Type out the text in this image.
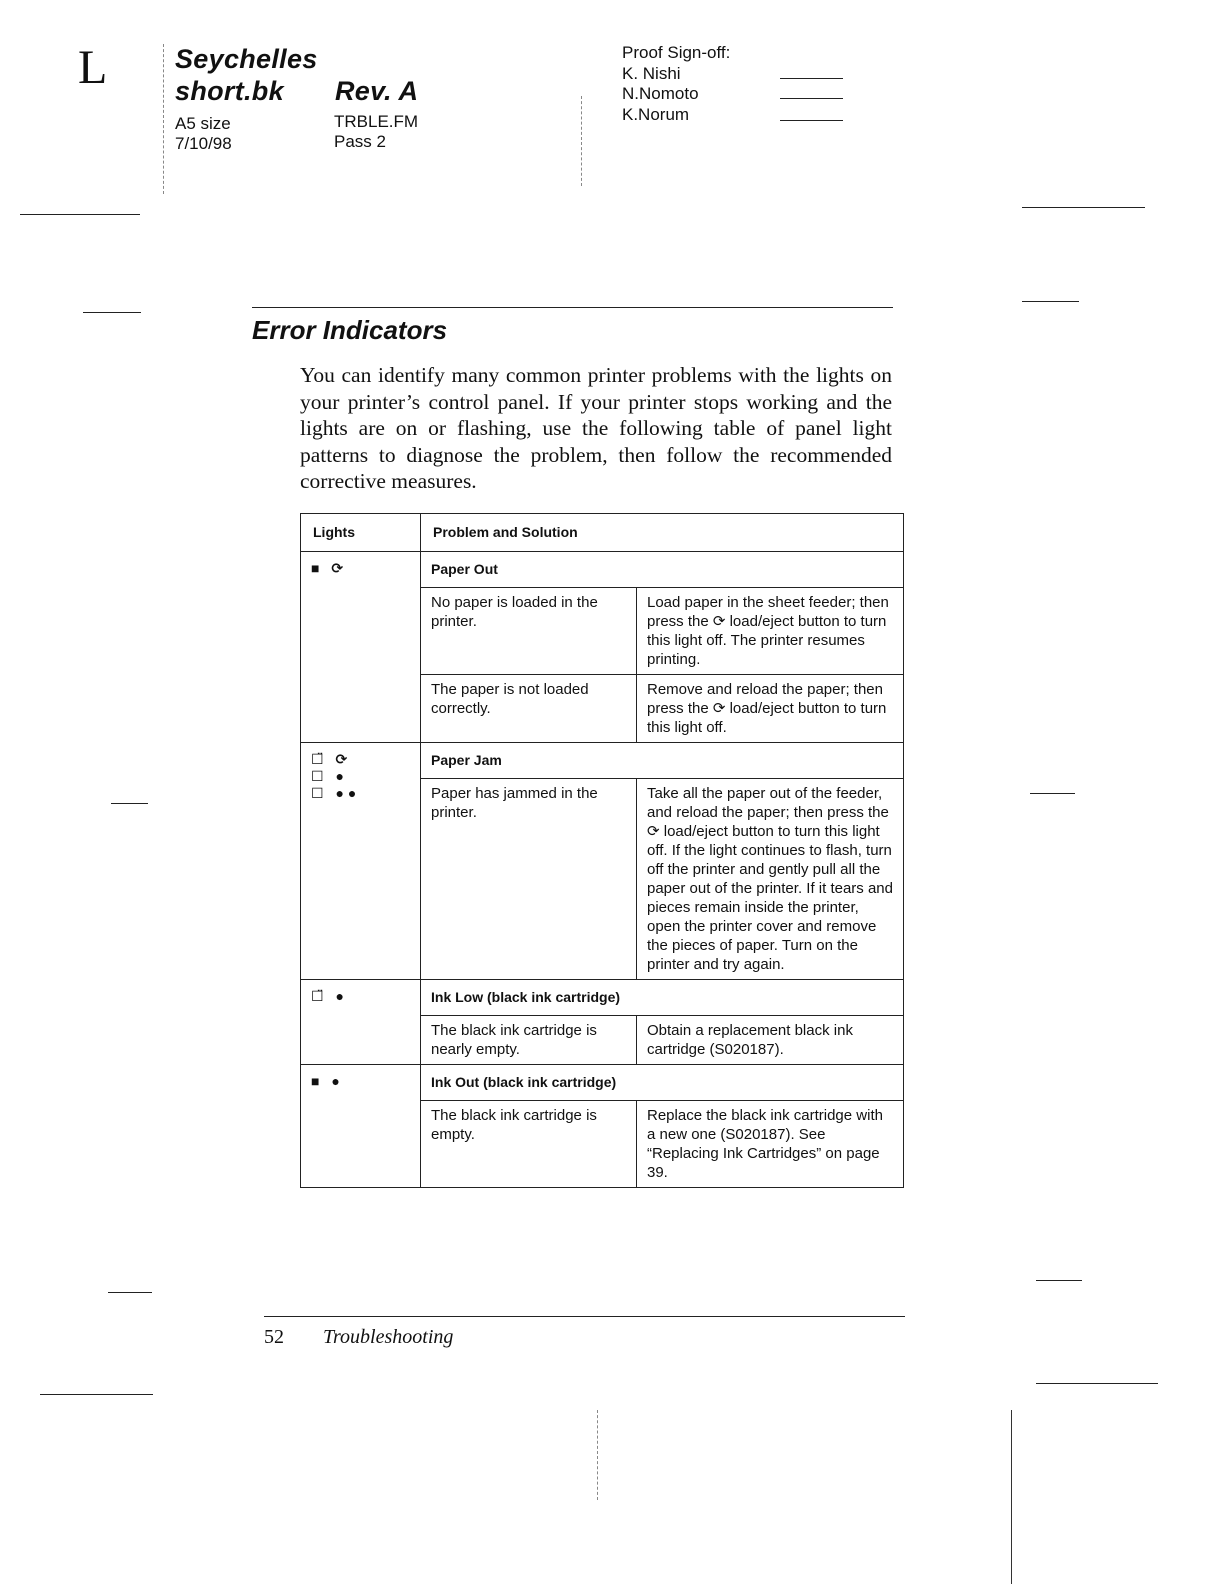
L	Seychelles
short.bk Rev. A
A5 size
7/10/98
TRBLE.FM
Pass 2
Proof Sign-off:
K. Nishi
N.Nomoto
K.Norum
Error Indicators
You can identify many common printer problems with the lights on your printer’s control panel. If your printer stops working and the lights are on or flashing, use the following table of panel light patterns to diagnose the problem, then follow the recommended corrective measures.
Lights	Problem and Solution	

■ ⟳	Paper Out	
	No paper is loaded in the printer.	Load paper in the sheet feeder; then press the ⟳ load/eject button to turn this light off. The printer resumes printing.
	The paper is not loaded correctly.	Remove and reload the paper; then press the ⟳ load/eject button to turn this light off.

☐̈ ⟳
☐ ●
☐ ●●	Paper Jam	
	Paper has jammed in the printer.	Take all the paper out of the feeder, and reload the paper; then press the ⟳ load/eject button to turn this light off. If the light continues to flash, turn off the printer and gently pull all the paper out of the printer. If it tears and pieces remain inside the printer, open the printer cover and remove the pieces of paper. Turn on the printer and try again.

☐̈ ●	Ink Low (black ink cartridge)	
	The black ink cartridge is nearly empty.	Obtain a replacement black ink cartridge (S020187).

■ ●	Ink Out (black ink cartridge)	
	The black ink cartridge is empty.	Replace the black ink cartridge with a new one (S020187). See “Replacing Ink Cartridges” on page 39.
52 Troubleshooting
